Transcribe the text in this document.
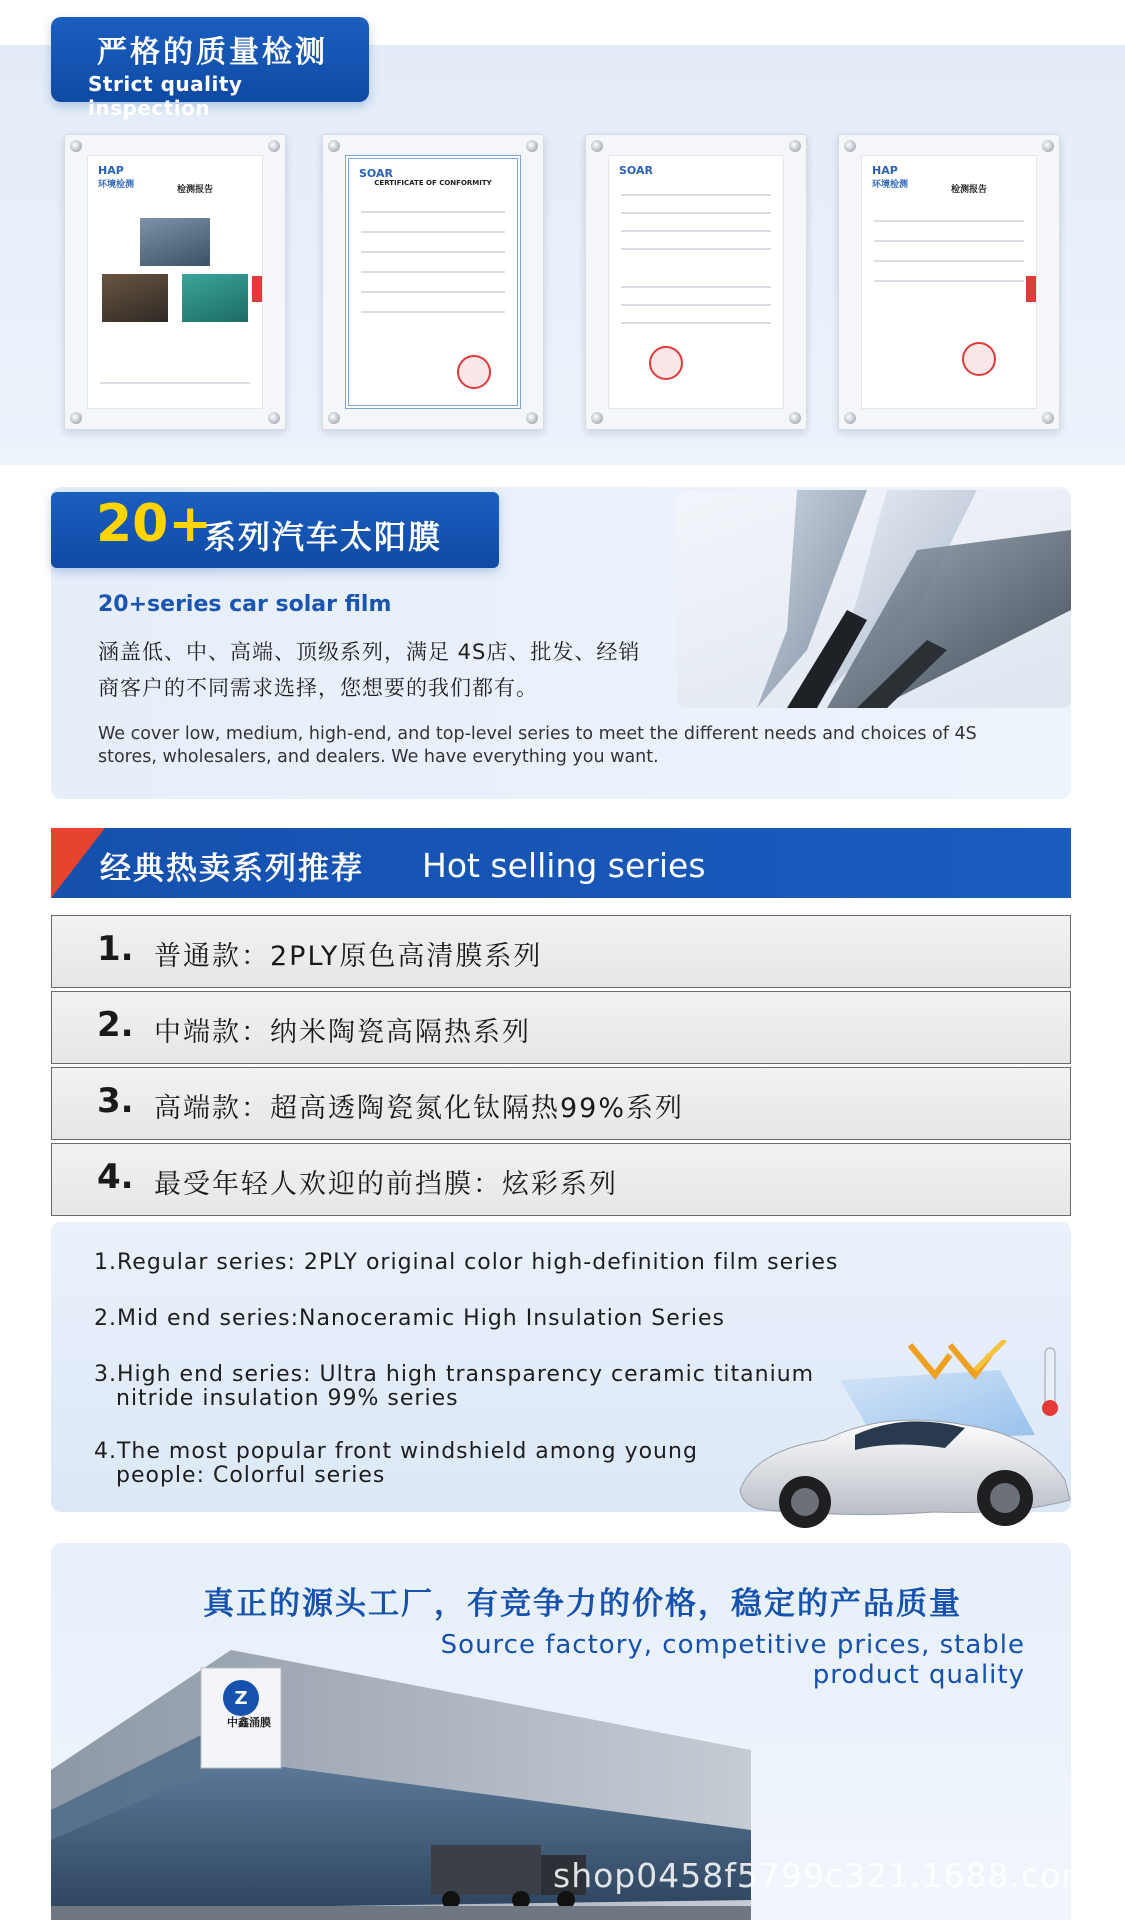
严格的质量检测
Strict quality inspection
HAP
环境检测	检测报告
SOAR
CERTIFICATE OF CONFORMITY
SOAR	HAP
环境检测	检测报告
20+
系列汽车太阳膜
20+series car solar film
涵盖低、中、高端、顶级系列，满足 4S店、批发、经销商客户的不同需求选择，您想要的我们都有。
We cover low, medium, high-end, and top-level series to meet the different needs and choices of 4S stores, wholesalers, and dealers. We have everything you want.
经典热卖系列推荐 Hot selling series
1. 普通款：2PLY原色高清膜系列
2. 中端款：纳米陶瓷高隔热系列
3. 高端款：超高透陶瓷氮化钛隔热99%系列
4. 最受年轻人欢迎的前挡膜：炫彩系列
1.Regular series: 2PLY original color high-definition film series
2.Mid end series:Nanoceramic High Insulation Series
3.High end series: Ultra high transparency ceramic titanium nitride insulation 99% series
4.The most popular front windshield among young people: Colorful series
Z
中鑫涌膜
真正的源头工厂，有竞争力的价格，稳定的产品质量
Source factory, competitive prices, stable product quality
shop0458f5799c321.1688.com
